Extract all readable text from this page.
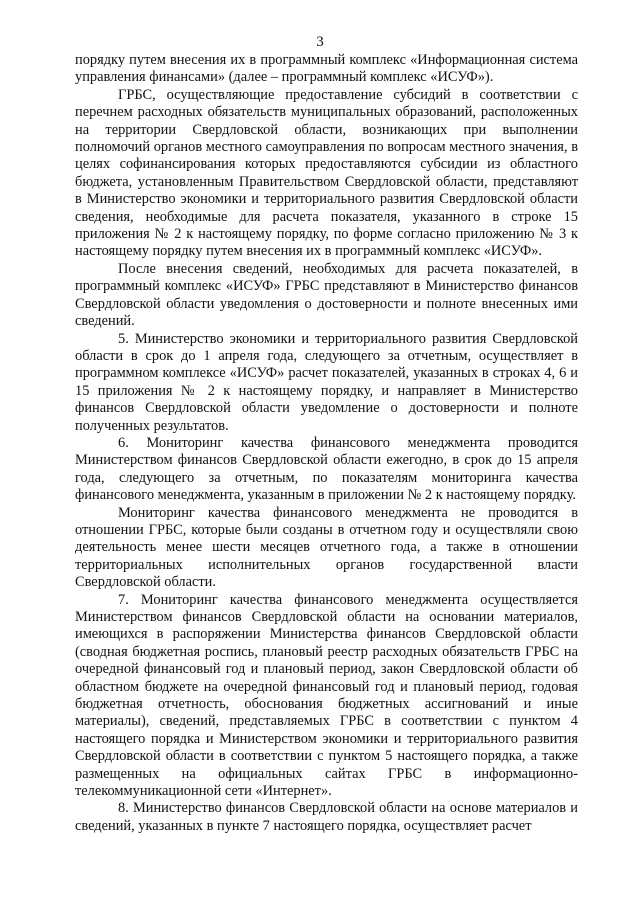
3

порядку путем внесения их в программный комплекс «Информационная система управления финансами» (далее – программный комплекс «ИСУФ»).

ГРБС, осуществляющие предоставление субсидий в соответствии с перечнем расходных обязательств муниципальных образований, расположенных на территории Свердловской области, возникающих при выполнении полномочий органов местного самоуправления по вопросам местного значения, в целях софинансирования которых предоставляются субсидии из областного бюджета, установленным Правительством Свердловской области, представляют в Министерство экономики и территориального развития Свердловской области сведения, необходимые для расчета показателя, указанного в строке 15 приложения № 2 к настоящему порядку, по форме согласно приложению № 3 к настоящему порядку путем внесения их в программный комплекс «ИСУФ».

После внесения сведений, необходимых для расчета показателей, в программный комплекс «ИСУФ» ГРБС представляют в Министерство финансов Свердловской области уведомления о достоверности и полноте внесенных ими сведений.

5. Министерство экономики и территориального развития Свердловской области в срок до 1 апреля года, следующего за отчетным, осуществляет в программном комплексе «ИСУФ» расчет показателей, указанных в строках 4, 6 и 15 приложения № 2 к настоящему порядку, и направляет в Министерство финансов Свердловской области уведомление о достоверности и полноте полученных результатов.

6. Мониторинг качества финансового менеджмента проводится Министерством финансов Свердловской области ежегодно, в срок до 15 апреля года, следующего за отчетным, по показателям мониторинга качества финансового менеджмента, указанным в приложении № 2 к настоящему порядку.

Мониторинг качества финансового менеджмента не проводится в отношении ГРБС, которые были созданы в отчетном году и осуществляли свою деятельность менее шести месяцев отчетного года, а также в отношении территориальных исполнительных органов государственной власти Свердловской области.

7. Мониторинг качества финансового менеджмента осуществляется Министерством финансов Свердловской области на основании материалов, имеющихся в распоряжении Министерства финансов Свердловской области (сводная бюджетная роспись, плановый реестр расходных обязательств ГРБС на очередной финансовый год и плановый период, закон Свердловской области об областном бюджете на очередной финансовый год и плановый период, годовая бюджетная отчетность, обоснования бюджетных ассигнований и иные материалы), сведений, представляемых ГРБС в соответствии с пунктом 4 настоящего порядка и Министерством экономики и территориального развития Свердловской области в соответствии с пунктом 5 настоящего порядка, а также размещенных на официальных сайтах ГРБС в информационно-телекоммуникационной сети «Интернет».

8. Министерство финансов Свердловской области на основе материалов и сведений, указанных в пункте 7 настоящего порядка, осуществляет расчет
